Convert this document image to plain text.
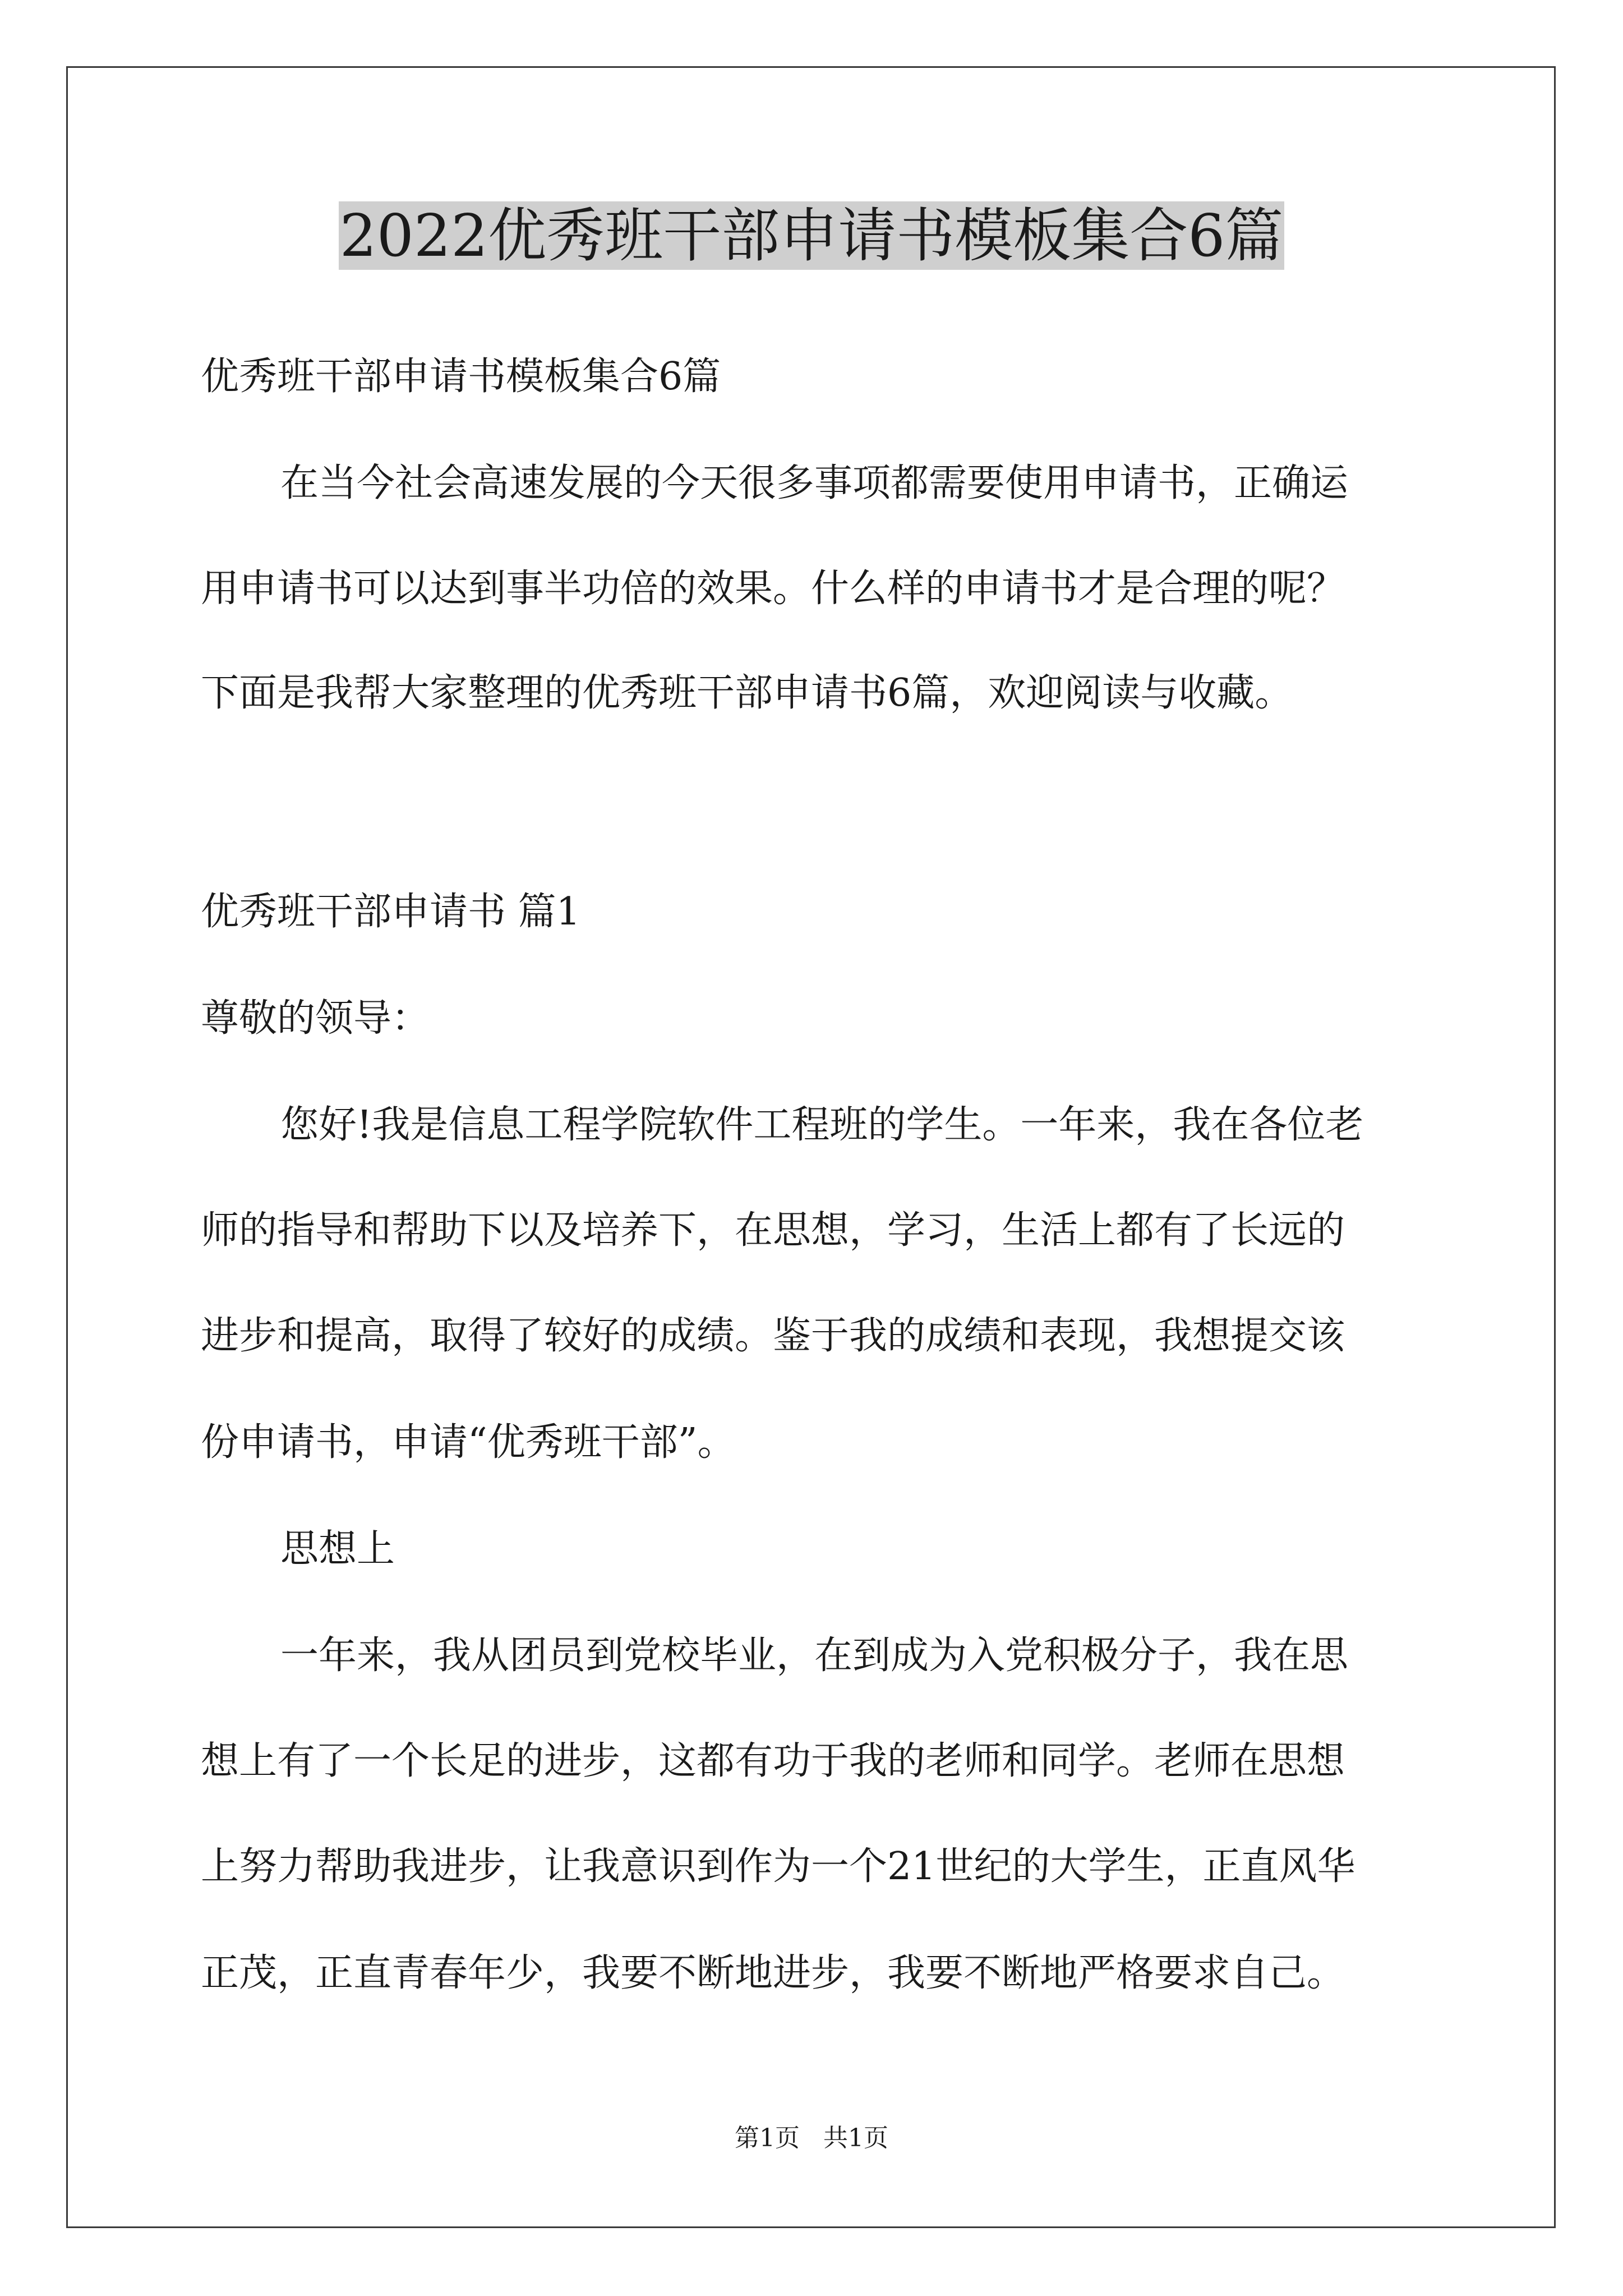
2022优秀班干部申请书模板集合6篇

优秀班干部申请书模板集合6篇

在当今社会高速发展的今天很多事项都需要使用申请书，正确运

用申请书可以达到事半功倍的效果。什么样的申请书才是合理的呢？

下面是我帮大家整理的优秀班干部申请书6篇，欢迎阅读与收藏。

优秀班干部申请书 篇1

尊敬的领导：

您好!我是信息工程学院软件工程班的学生。一年来，我在各位老

师的指导和帮助下以及培养下，在思想，学习，生活上都有了长远的

进步和提高，取得了较好的成绩。鉴于我的成绩和表现，我想提交该

份申请书，申请“优秀班干部”。

思想上

一年来，我从团员到党校毕业，在到成为入党积极分子，我在思

想上有了一个长足的进步，这都有功于我的老师和同学。老师在思想

上努力帮助我进步，让我意识到作为一个21世纪的大学生，正直风华

正茂，正直青春年少，我要不断地进步，我要不断地严格要求自己。

第1页   共1页
